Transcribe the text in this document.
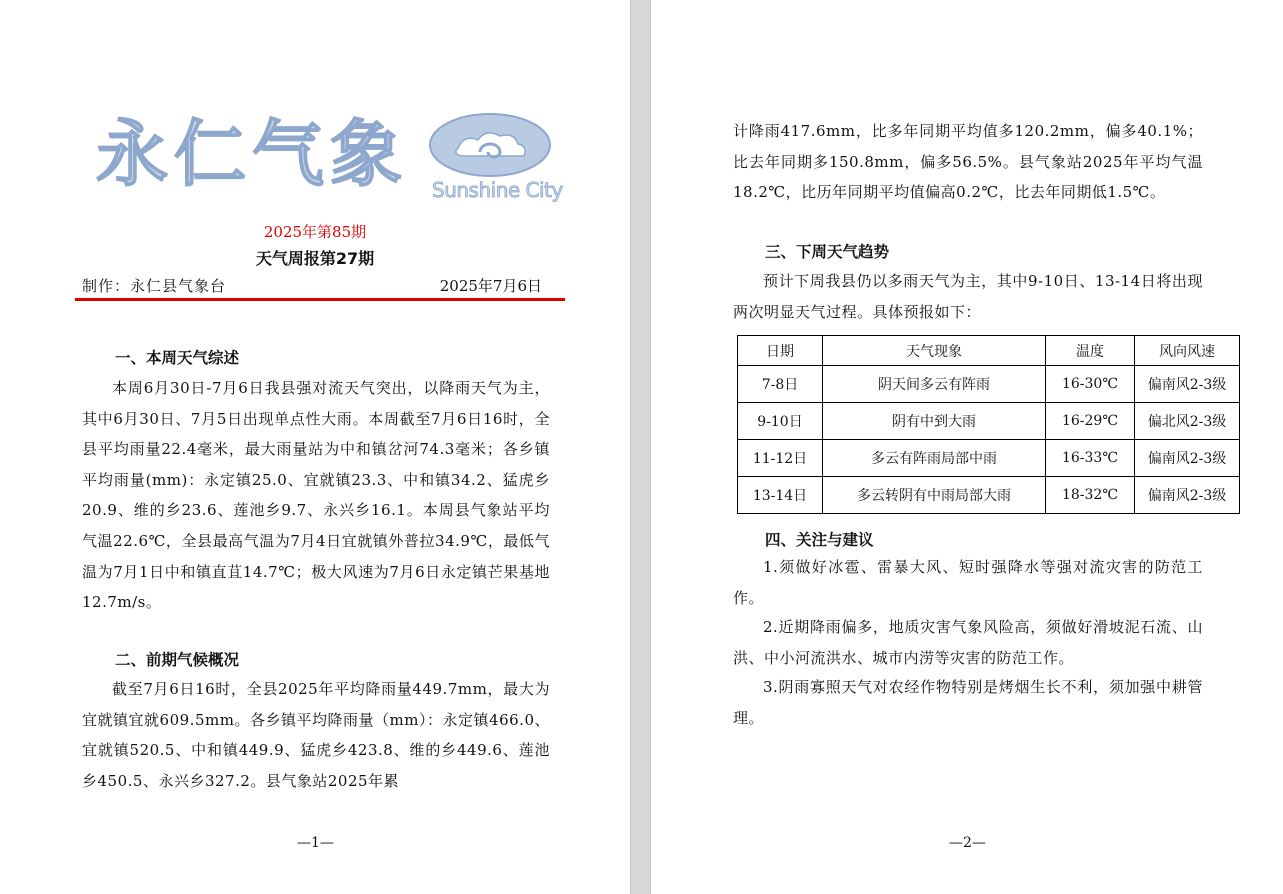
永仁气象 Sunshine City
2025年第85期
天气周报第27期
制作：永仁县气象台	2025年7月6日
一、本周天气综述

本周6月30日-7月6日我县强对流天气突出，以降雨天气为主，其中6月30日、7月5日出现单点性大雨。本周截至7月6日16时，全县平均雨量22.4毫米，最大雨量站为中和镇岔河74.3毫米；各乡镇平均雨量(mm)：永定镇25.0、宜就镇23.3、中和镇34.2、猛虎乡20.9、维的乡23.6、莲池乡9.7、永兴乡16.1。本周县气象站平均气温22.6℃，全县最高气温为7月4日宜就镇外普拉34.9℃，最低气温为7月1日中和镇直苴14.7℃；极大风速为7月6日永定镇芒果基地12.7m/s。

二、前期气候概况

截至7月6日16时，全县2025年平均降雨量449.7mm，最大为宜就镇宜就609.5mm。各乡镇平均降雨量（mm）：永定镇466.0、宜就镇520.5、中和镇449.9、猛虎乡423.8、维的乡449.6、莲池乡450.5、永兴乡327.2。县气象站2025年累

—1—

计降雨417.6mm，比多年同期平均值多120.2mm，偏多40.1%；比去年同期多150.8mm，偏多56.5%。县气象站2025年平均气温18.2℃，比历年同期平均值偏高0.2℃，比去年同期低1.5℃。

三、下周天气趋势

预计下周我县仍以多雨天气为主，其中9-10日、13-14日将出现两次明显天气过程。具体预报如下：

日期	天气现象	温度	风向风速
7-8日	阴天间多云有阵雨	16-30℃	偏南风2-3级
9-10日	阴有中到大雨	16-29℃	偏北风2-3级
11-12日	多云有阵雨局部中雨	16-33℃	偏南风2-3级
13-14日	多云转阴有中雨局部大雨	18-32℃	偏南风2-3级
四、关注与建议

1.须做好冰雹、雷暴大风、短时强降水等强对流灾害的防范工作。

2.近期降雨偏多，地质灾害气象风险高，须做好滑坡泥石流、山洪、中小河流洪水、城市内涝等灾害的防范工作。

3.阴雨寡照天气对农经作物特别是烤烟生长不利，须加强中耕管理。

—2—
